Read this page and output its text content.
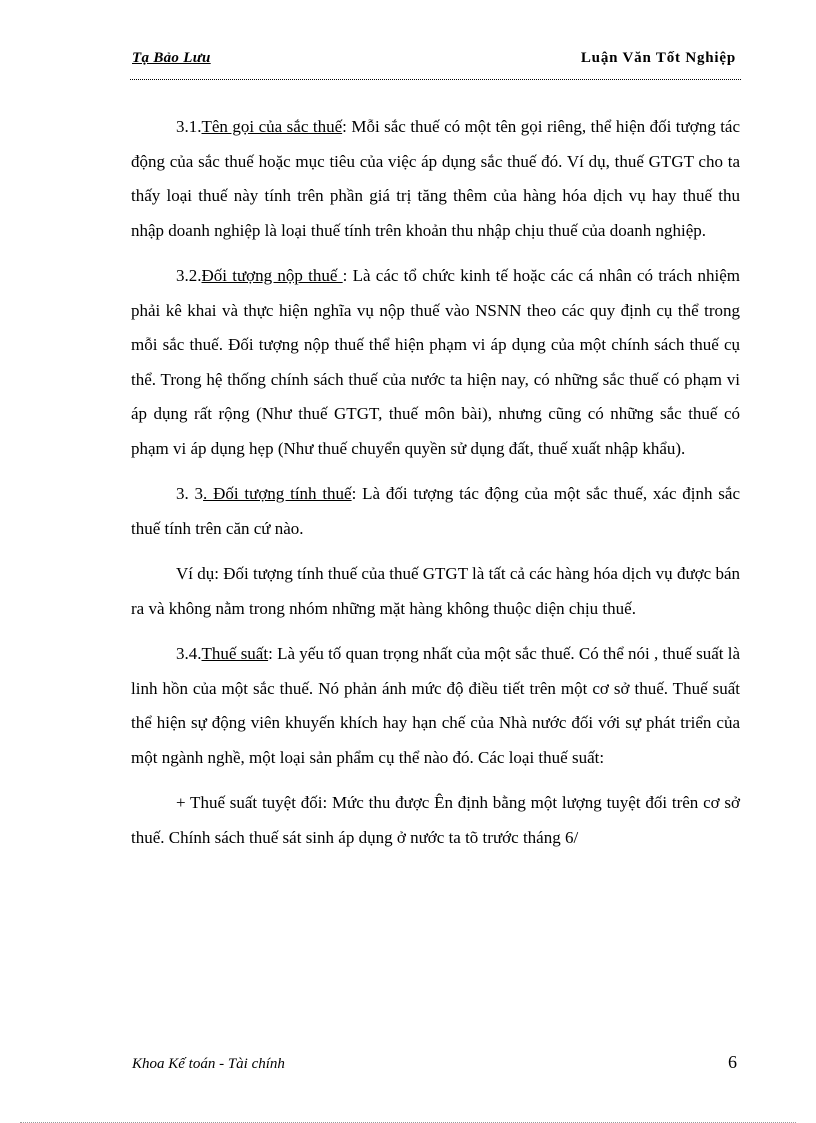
Tạ Bảo Lưu	Luận Văn Tốt Nghiệp

3.1.Tên gọi của sắc thuế: Mỗi sắc thuế có một tên gọi riêng, thể hiện đối tượng tác động của sắc thuế hoặc mục tiêu của việc áp dụng sắc thuế đó. Ví dụ, thuế GTGT cho ta thấy loại thuế này tính trên phần giá trị tăng thêm của hàng hóa dịch vụ hay thuế thu nhập doanh nghiệp là loại thuế tính trên khoản thu nhập chịu thuế của doanh nghiệp.

3.2.Đối tượng nộp thuế : Là các tổ chức kinh tế hoặc các cá nhân có trách nhiệm phải kê khai và thực hiện nghĩa vụ nộp thuế vào NSNN theo các quy định cụ thể trong mỗi sắc thuế. Đối tượng nộp thuế thể hiện phạm vi áp dụng của một chính sách thuế cụ thể. Trong hệ thống chính sách thuế của nước ta hiện nay, có những sắc thuế có phạm vi áp dụng rất rộng (Như thuế GTGT, thuế môn bài), nhưng cũng có những sắc thuế có phạm vi áp dụng hẹp (Như thuế chuyển quyền sử dụng đất, thuế xuất nhập khẩu).

3. 3. Đối tượng tính thuế: Là đối tượng tác động của một sắc thuế, xác định sắc thuế tính trên căn cứ nào.

Ví dụ: Đối tượng tính thuế của thuế GTGT là tất cả các hàng hóa dịch vụ được bán ra và không nằm trong nhóm những mặt hàng không thuộc diện chịu thuế.

3.4.Thuế suất: Là yếu tố quan trọng nhất của một sắc thuế. Có thể nói , thuế suất là linh hồn của một sắc thuế. Nó phản ánh mức độ điều tiết trên một cơ sở thuế. Thuế suất thể hiện sự động viên khuyến khích hay hạn chế của Nhà nước đối với sự phát triển của một ngành nghề, một loại sản phẩm cụ thể nào đó. Các loại thuế suất:

+ Thuế suất tuyệt đối: Mức thu được Ên định bằng một lượng tuyệt đối trên cơ sở thuế. Chính sách thuế sát sinh áp dụng ở nước ta tõ trước tháng 6/

Khoa Kế toán - Tài chính	6
